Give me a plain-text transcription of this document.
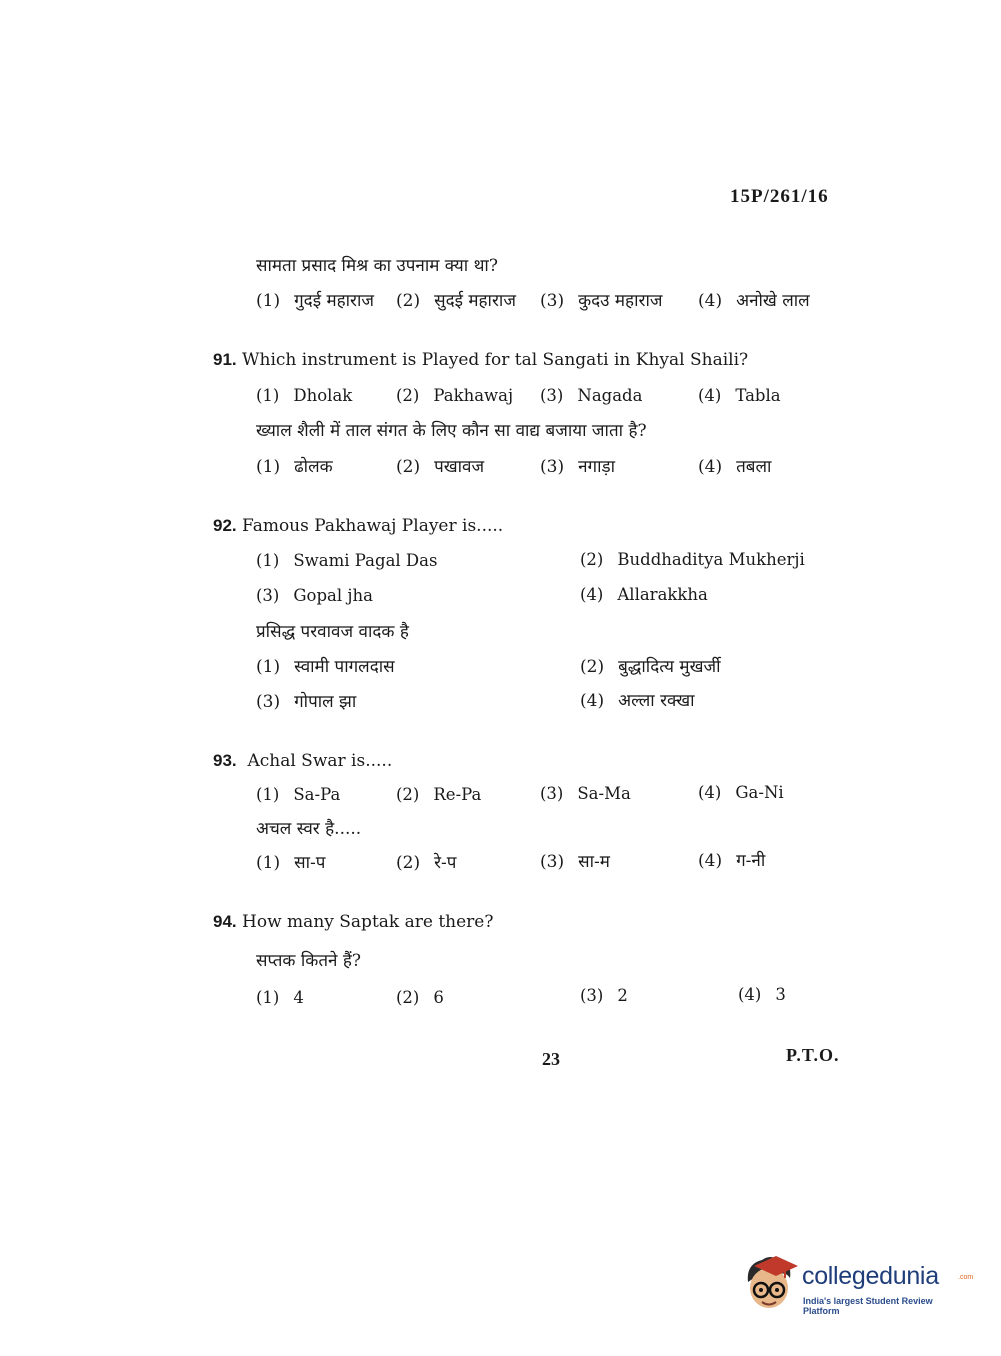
15P/261/16
सामता प्रसाद मिश्र का उपनाम क्या था?
(1) गुदई महाराज (2) सुदई महाराज (3) कुदउ महाराज (4) अनोखे लाल
91. Which instrument is Played for tal Sangati in Khyal Shaili?
(1) Dholak	(2) Pakhawaj (3) Nagada	(4) Tabla
ख्याल शैली में ताल संगत के लिए कौन सा वाद्य बजाया जाता है?
(1) ढोलक	(2) पखावज	(3) नगाड़ा	(4) तबला
92. Famous Pakhawaj Player is.....
(1) Swami Pagal Das	(2) Buddhaditya Mukherji
(3) Gopal jha	(4) Allarakkha
प्रसिद्ध परवावज वादक है
(1) स्वामी पागलदास	(2) बुद्धादित्य मुखर्जी
(3) गोपाल झा	(4) अल्ला रक्खा
93. Achal Swar is.....
(1) Sa-Pa	(2) Re-Pa	(3) Sa-Ma	(4) Ga-Ni
अचल स्वर है.....
(1) सा-प	(2) रे-प	(3) सा-म	(4) ग-नी
94. How many Saptak are there?
सप्तक कितने हैं?
(1) 4	(2) 6	(3) 2	(4) 3
23	P.T.O.
collegedunia	.com
India's largest Student Review Platform
